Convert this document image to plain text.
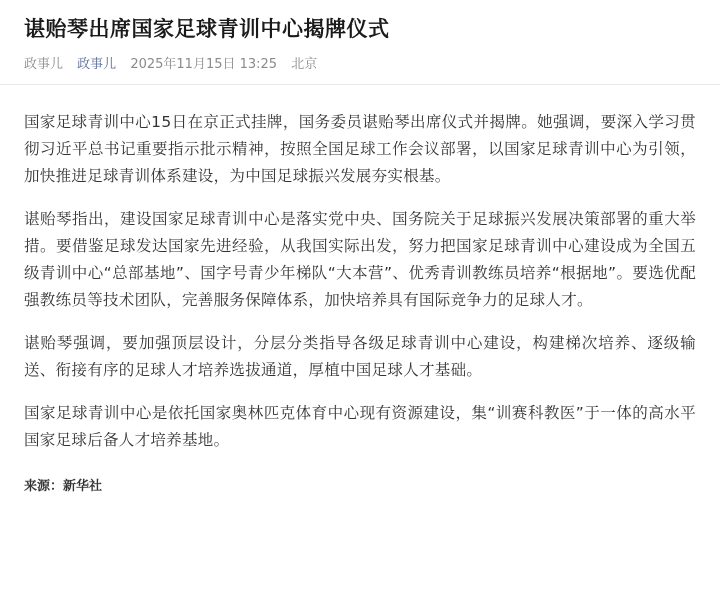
谌贻琴出席国家足球青训中心揭牌仪式
政事儿 政事儿 2025年11月15日 13:25 北京

国家足球青训中心15日在京正式挂牌，国务委员谌贻琴出席仪式并揭牌。她强调，要深入学习贯彻习近平总书记重要指示批示精神，按照全国足球工作会议部署，以国家足球青训中心为引领，加快推进足球青训体系建设，为中国足球振兴发展夯实根基。

谌贻琴指出，建设国家足球青训中心是落实党中央、国务院关于足球振兴发展决策部署的重大举措。要借鉴足球发达国家先进经验，从我国实际出发，努力把国家足球青训中心建设成为全国五级青训中心“总部基地”、国字号青少年梯队“大本营”、优秀青训教练员培养“根据地”。要选优配强教练员等技术团队，完善服务保障体系，加快培养具有国际竞争力的足球人才。

谌贻琴强调，要加强顶层设计，分层分类指导各级足球青训中心建设，构建梯次培养、逐级输送、衔接有序的足球人才培养选拔通道，厚植中国足球人才基础。

国家足球青训中心是依托国家奥林匹克体育中心现有资源建设，集“训赛科教医”于一体的高水平国家足球后备人才培养基地。

来源：新华社
